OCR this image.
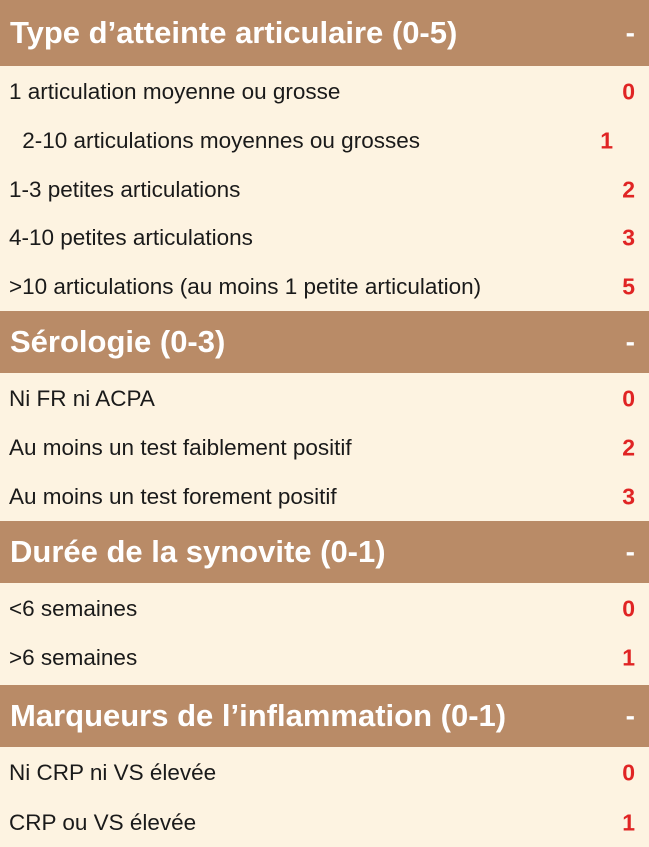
Type d’atteinte articulaire (0-5)	-
1 articulation moyenne ou grosse	0
2-10 articulations moyennes ou grosses	1
1-3 petites articulations	2
4-10 petites articulations	3
>10 articulations (au moins 1 petite articulation)	5
Sérologie (0-3)	-
Ni FR ni ACPA	0
Au moins un test faiblement positif	2
Au moins un test forement positif	3
Durée de la synovite (0-1)	-
<6 semaines	0
>6 semaines	1
Marqueurs de l’inflammation (0-1)	-
Ni CRP ni VS élevée	0
CRP ou VS élevée	1
